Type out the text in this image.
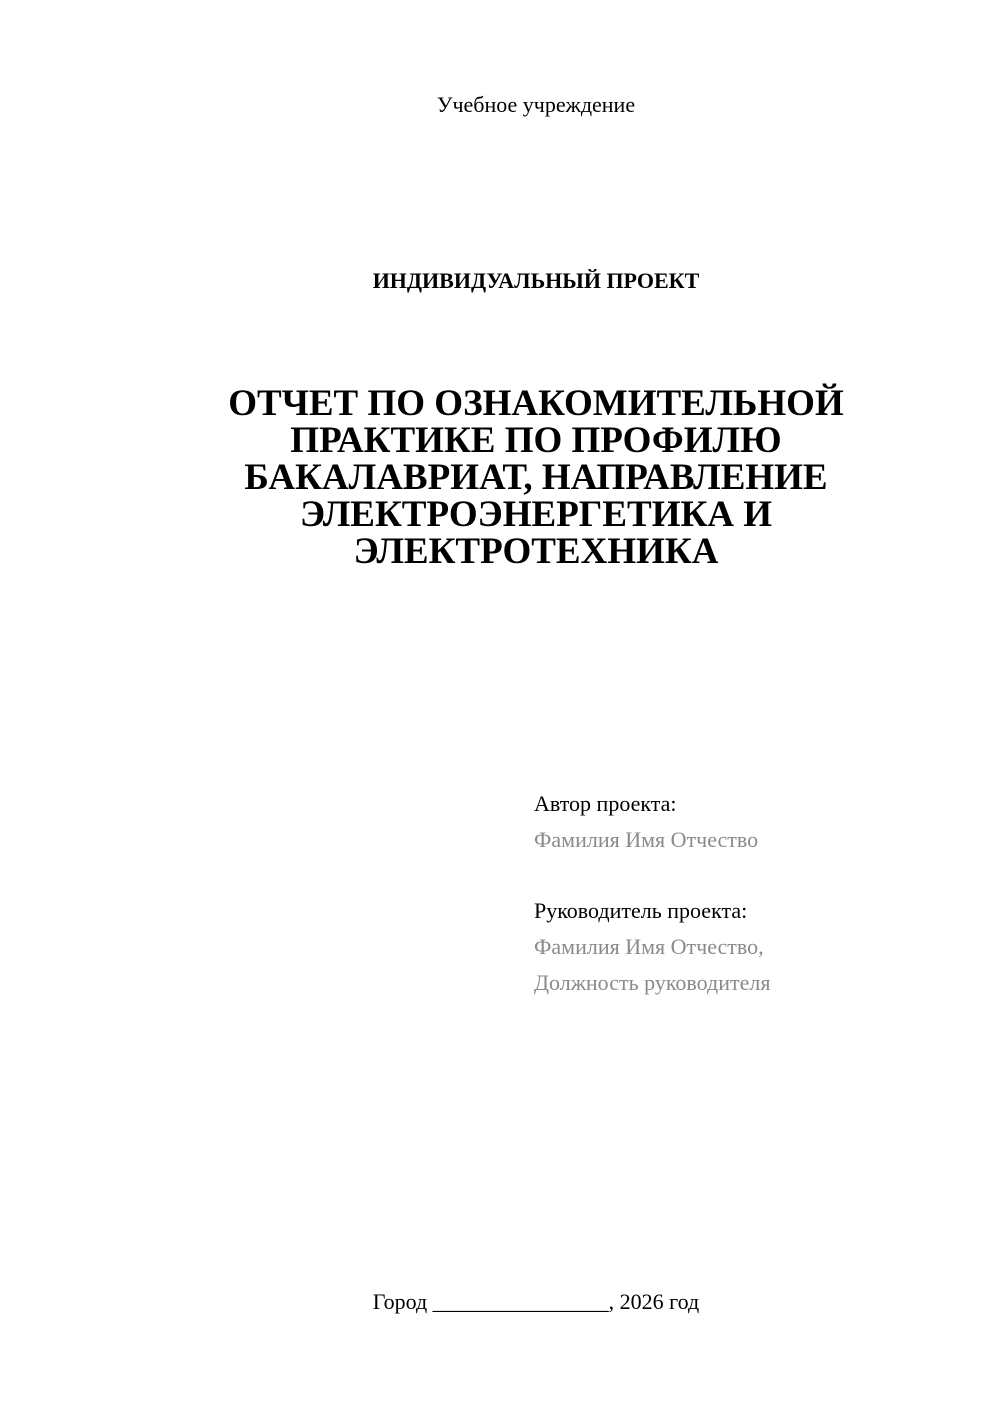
Учебное учреждение
ИНДИВИДУАЛЬНЫЙ ПРОЕКТ
ОТЧЕТ ПО ОЗНАКОМИТЕЛЬНОЙ
ПРАКТИКЕ ПО ПРОФИЛЮ
БАКАЛАВРИАТ, НАПРАВЛЕНИЕ
ЭЛЕКТРОЭНЕРГЕТИКА И
ЭЛЕКТРОТЕХНИКА
Автор проекта:
Фамилия Имя Отчество
Руководитель проекта:
Фамилия Имя Отчество,
Должность руководителя
Город ________________, 2026 год
